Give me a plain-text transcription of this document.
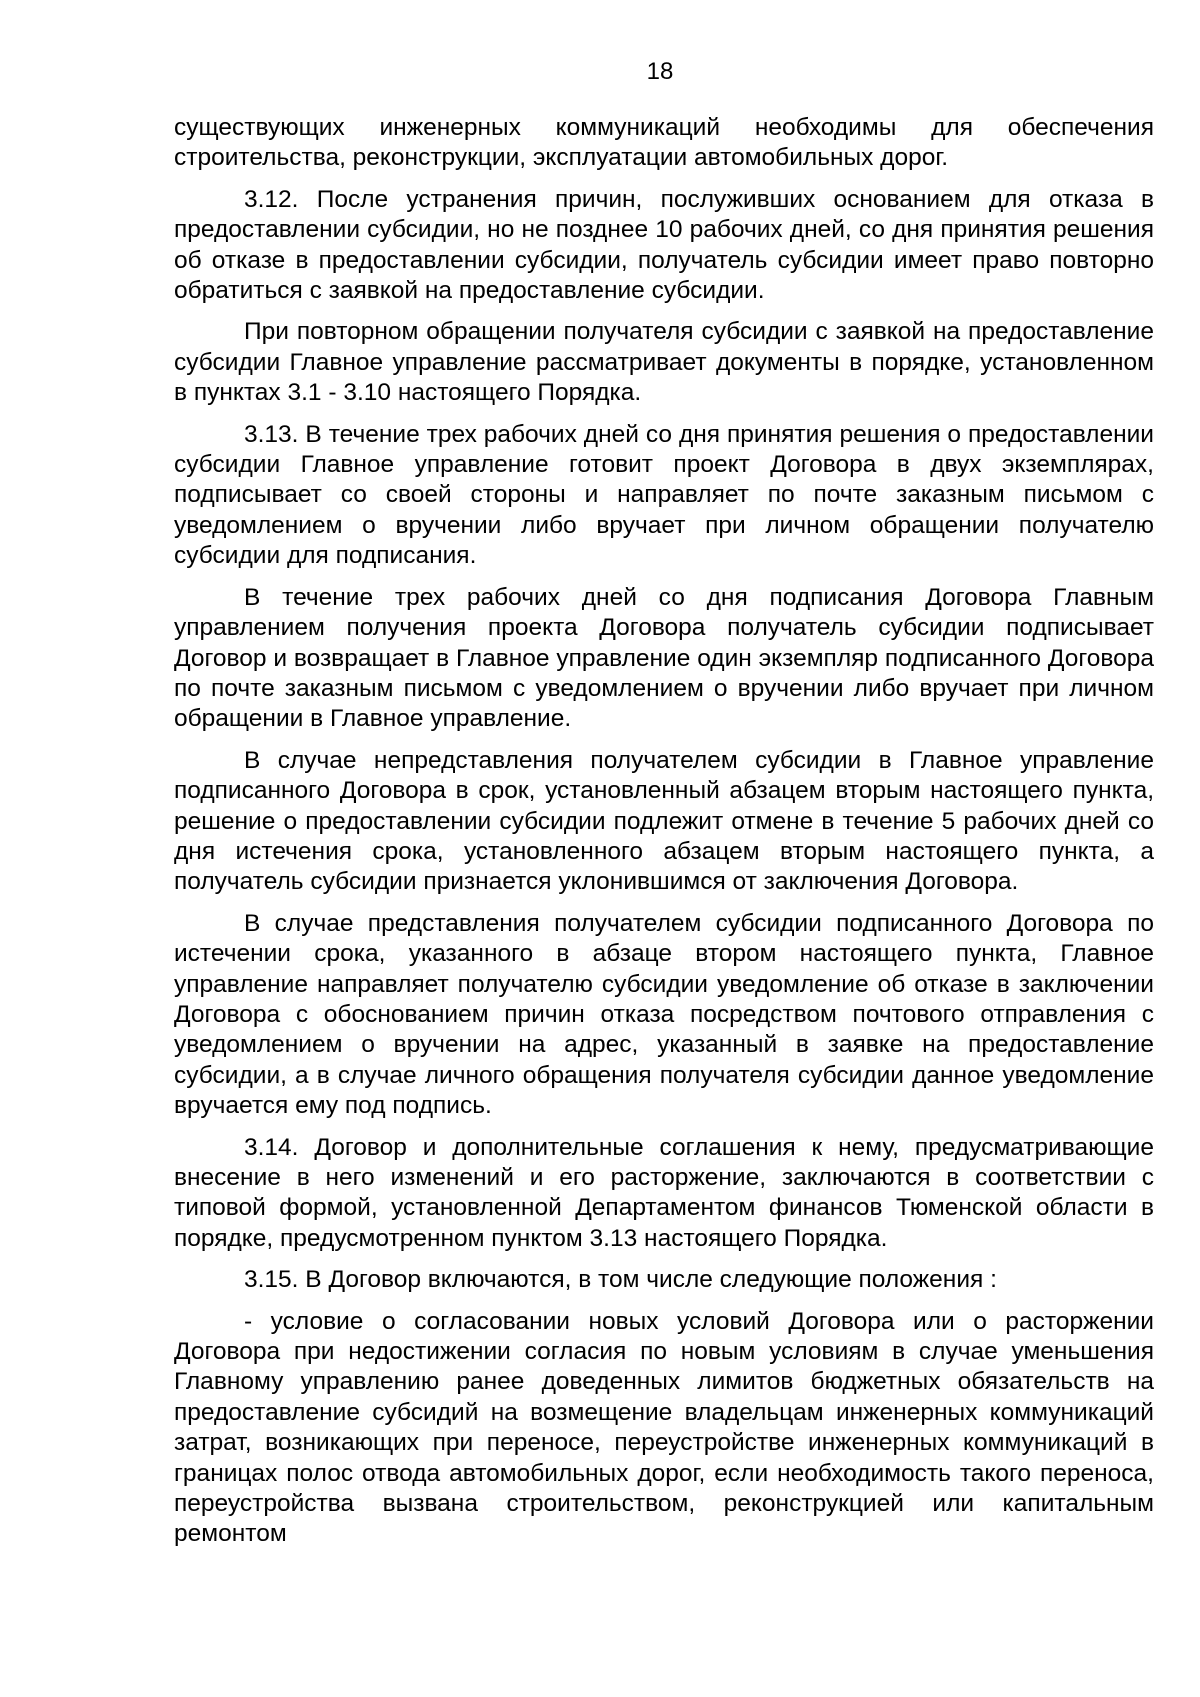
18

существующих инженерных коммуникаций необходимы для обеспечения строительства, реконструкции, эксплуатации автомобильных дорог.

3.12. После устранения причин, послуживших основанием для отказа в предоставлении субсидии, но не позднее 10 рабочих дней, со дня принятия решения об отказе в предоставлении субсидии, получатель субсидии имеет право повторно обратиться с заявкой на предоставление субсидии.

При повторном обращении получателя субсидии с заявкой на предоставление субсидии Главное управление рассматривает документы в порядке, установленном в пунктах 3.1 - 3.10 настоящего Порядка.

3.13. В течение трех рабочих дней со дня принятия решения о предоставлении субсидии Главное управление готовит проект Договора в двух экземплярах, подписывает со своей стороны и направляет по почте заказным письмом с уведомлением о вручении либо вручает при личном обращении получателю субсидии для подписания.

В течение трех рабочих дней со дня подписания Договора Главным управлением получения проекта Договора получатель субсидии подписывает Договор и возвращает в Главное управление один экземпляр подписанного Договора по почте заказным письмом с уведомлением о вручении либо вручает при личном обращении в Главное управление.

В случае непредставления получателем субсидии в Главное управление подписанного Договора в срок, установленный абзацем вторым настоящего пункта, решение о предоставлении субсидии подлежит отмене в течение 5 рабочих дней со дня истечения срока, установленного абзацем вторым настоящего пункта, а получатель субсидии признается уклонившимся от заключения Договора.

В случае представления получателем субсидии подписанного Договора по истечении срока, указанного в абзаце втором настоящего пункта, Главное управление направляет получателю субсидии уведомление об отказе в заключении Договора с обоснованием причин отказа посредством почтового отправления с уведомлением о вручении на адрес, указанный в заявке на предоставление субсидии, а в случае личного обращения получателя субсидии данное уведомление вручается ему под подпись.

3.14. Договор и дополнительные соглашения к нему, предусматривающие внесение в него изменений и его расторжение, заключаются в соответствии с типовой формой, установленной Департаментом финансов Тюменской области в порядке, предусмотренном пунктом 3.13 настоящего Порядка.

3.15. В Договор включаются, в том числе следующие положения :

- условие о согласовании новых условий Договора или о расторжении Договора при недостижении согласия по новым условиям в случае уменьшения Главному управлению ранее доведенных лимитов бюджетных обязательств на предоставление субсидий на возмещение владельцам инженерных коммуникаций затрат, возникающих при переносе, переустройстве инженерных коммуникаций в границах полос отвода автомобильных дорог, если необходимость такого переноса, переустройства вызвана строительством, реконструкцией или капитальным ремонтом
